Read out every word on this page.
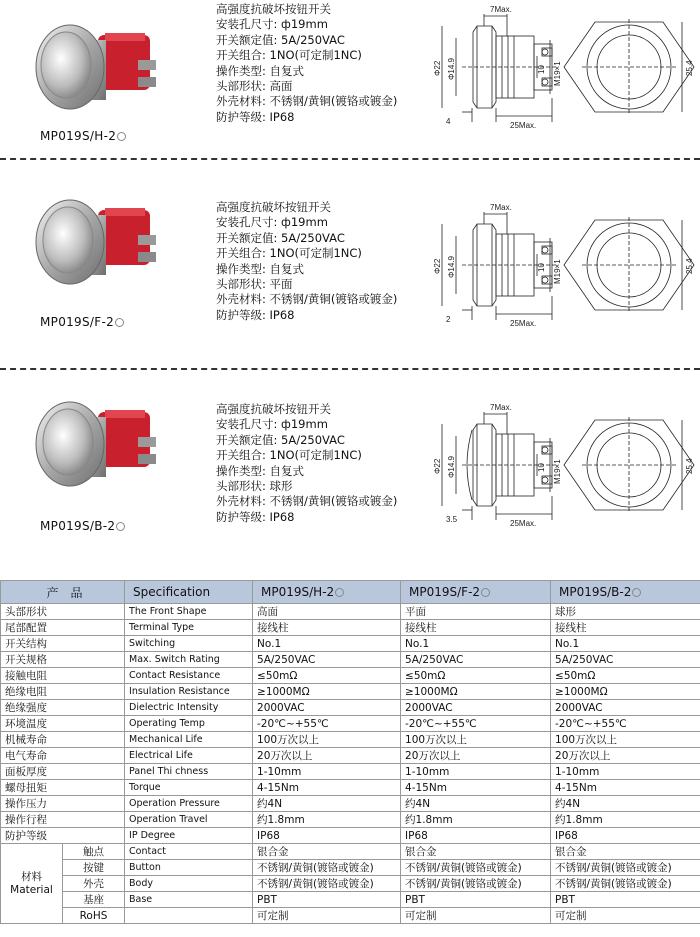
MP019S/H-2
高强度抗破坏按钮开关
安装孔尺寸: ф19mm
开关额定值: 5A/250VAC
开关组合: 1NO(可定制1NC)
操作类型: 自复式
头部形状: 高面
外壳材料: 不锈钢/黄铜(镀铬或镀金)
防护等级: IP68
7Max.
25Max.
4
Φ22 Φ14.9	M19×1
10	25.4
MP019S/F-2
高强度抗破坏按钮开关
安装孔尺寸: ф19mm
开关额定值: 5A/250VAC
开关组合: 1NO(可定制1NC)
操作类型: 自复式
头部形状: 平面
外壳材料: 不锈钢/黄铜(镀铬或镀金)
防护等级: IP68
7Max.
25Max.
2
Φ22 Φ14.9	M19×1
10	25.4
MP019S/B-2
高强度抗破坏按钮开关
安装孔尺寸: ф19mm
开关额定值: 5A/250VAC
开关组合: 1NO(可定制1NC)
操作类型: 自复式
头部形状: 球形
外壳材料: 不锈钢/黄铜(镀铬或镀金)
防护等级: IP68
7Max.
25Max.
3.5
Φ22 Φ14.9	M19×1
10	25.4
产　品		Specification	MP019S/H-2	MP019S/F-2	MP019S/B-2
头部形状		The Front Shape	高面	平面	球形
尾部配置		Terminal Type	接线柱	接线柱	接线柱
开关结构		Switching	No.1	No.1	No.1
开关规格		Max. Switch Rating	5A/250VAC	5A/250VAC	5A/250VAC
接触电阻		Contact Resistance	≤50mΩ	≤50mΩ	≤50mΩ
绝缘电阻		Insulation Resistance	≥1000MΩ	≥1000MΩ	≥1000MΩ
绝缘强度		Dielectric Intensity	2000VAC	2000VAC	2000VAC
环境温度		Operating Temp	-20℃~+55℃	-20℃~+55℃	-20℃~+55℃
机械寿命		Mechanical Life	100万次以上	100万次以上	100万次以上
电气寿命		Electrical Life	20万次以上	20万次以上	20万次以上
面板厚度		Panel Thi chness	1-10mm	1-10mm	1-10mm
螺母扭矩		Torque	4-15Nm	4-15Nm	4-15Nm
操作压力		Operation Pressure	约4N	约4N	约4N
操作行程		Operation Travel	约1.8mm	约1.8mm	约1.8mm
防护等级		IP Degree	IP68	IP68	IP68
材料
Material	触点	Contact	银合金	银合金	银合金
	按键	Button	不锈钢/黄铜(镀铬或镀金)	不锈钢/黄铜(镀铬或镀金)	不锈钢/黄铜(镀铬或镀金)
	外壳	Body	不锈钢/黄铜(镀铬或镀金)	不锈钢/黄铜(镀铬或镀金)	不锈钢/黄铜(镀铬或镀金)
	基座	Base	PBT	PBT	PBT
	RoHS		可定制	可定制	可定制
